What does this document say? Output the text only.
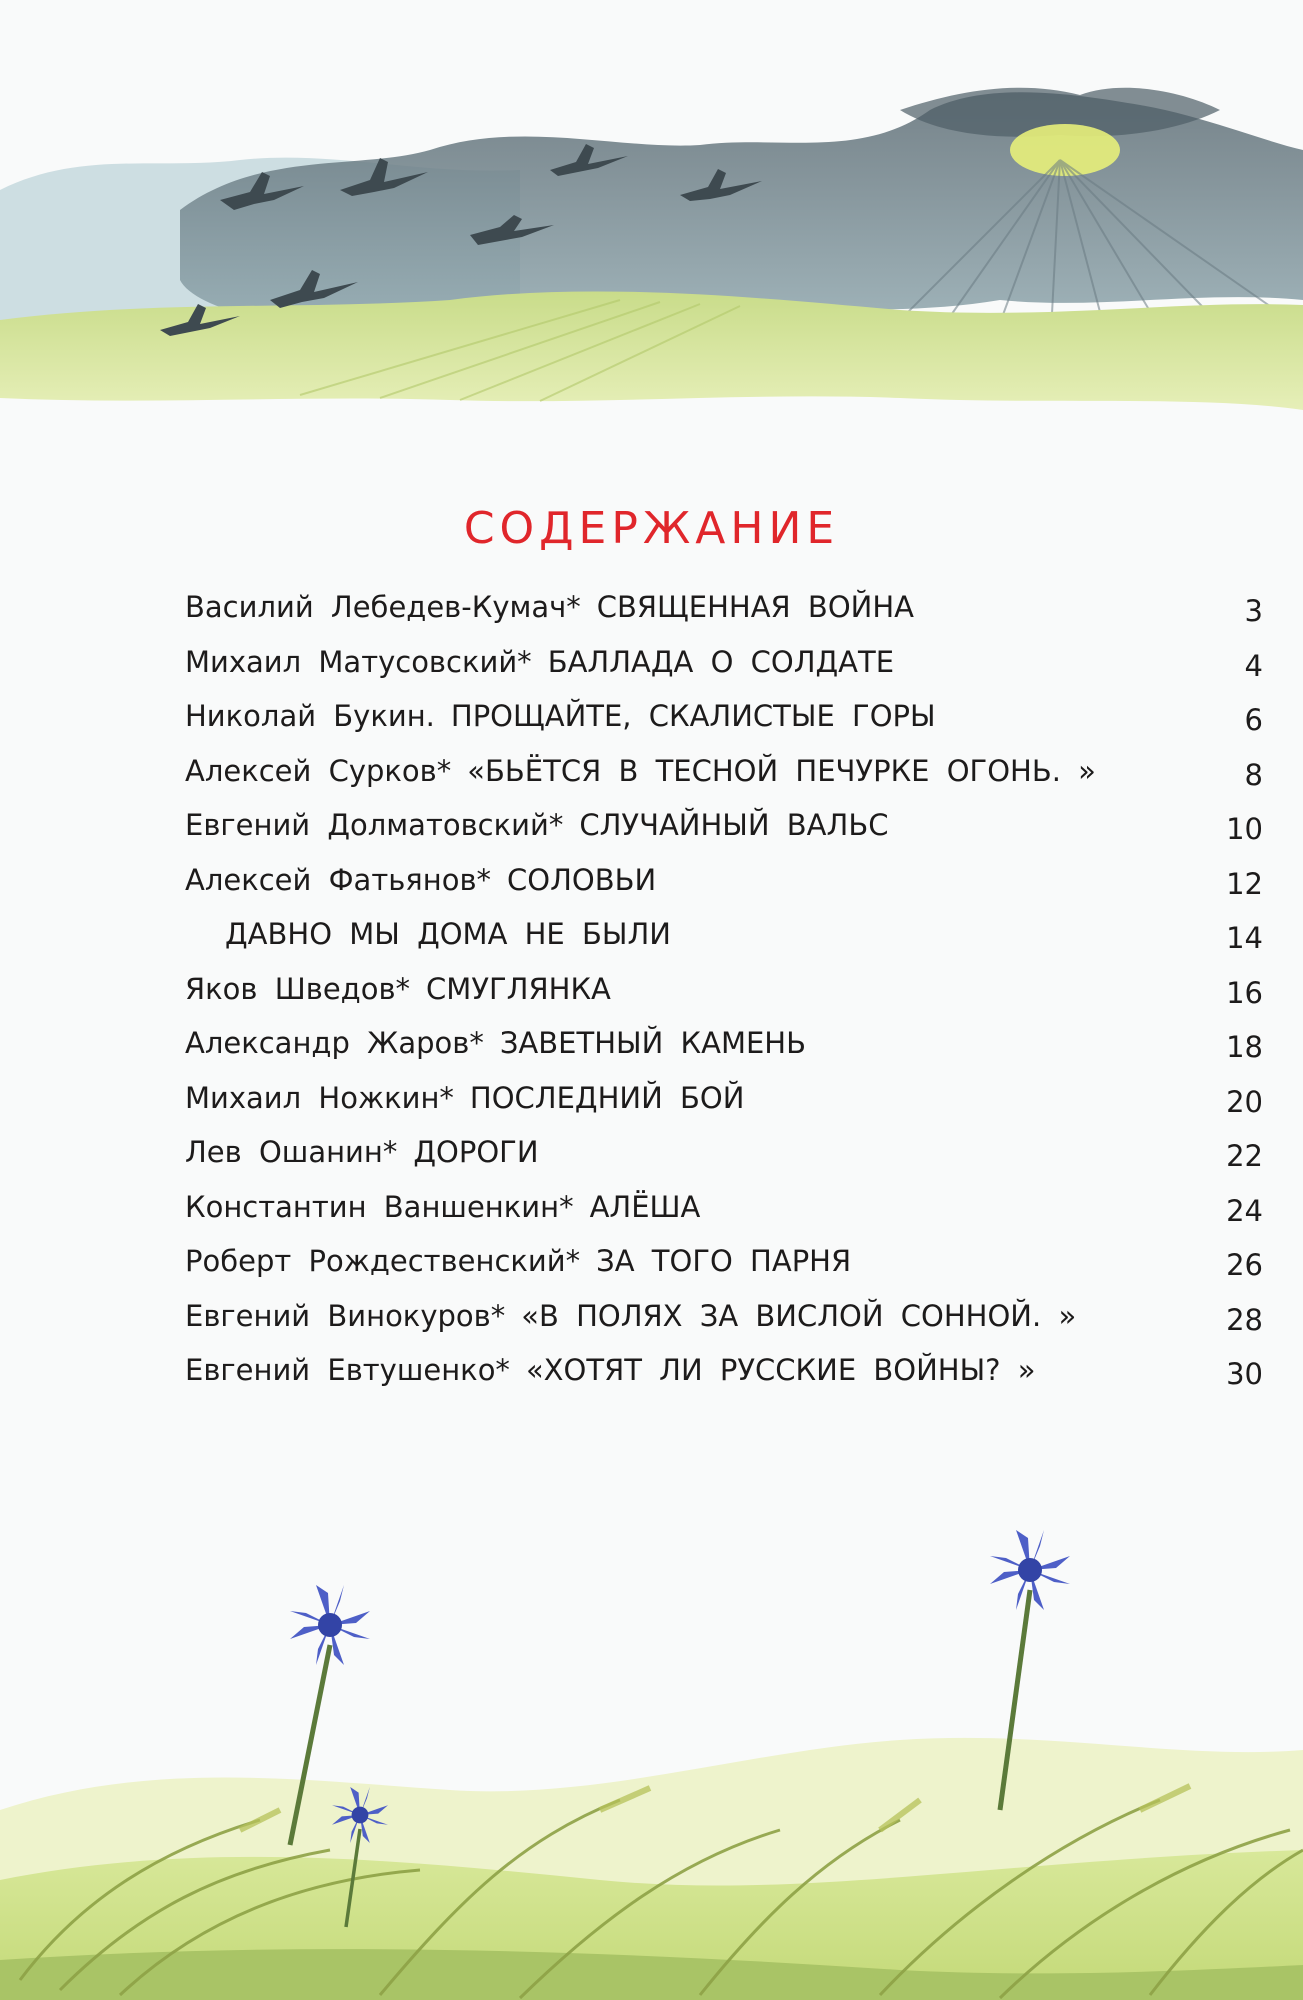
СОДЕРЖАНИЕ
Василий Лебедев-Кумач* СВЯЩЕННАЯ ВОЙНА	3
Михаил Матусовский* БАЛЛАДА О СОЛДАТЕ	4
Николай Букин. ПРОЩАЙТЕ, СКАЛИСТЫЕ ГОРЫ	6
Алексей Сурков* «БЬЁТСЯ В ТЕСНОЙ ПЕЧУРКЕ ОГОНЬ. »	8
Евгений Долматовский* СЛУЧАЙНЫЙ ВАЛЬС	10
Алексей Фатьянов* СОЛОВЬИ	12
ДАВНО МЫ ДОМА НЕ БЫЛИ	14
Яков Шведов* СМУГЛЯНКА	16
Александр Жаров* ЗАВЕТНЫЙ КАМЕНЬ	18
Михаил Ножкин* ПОСЛЕДНИЙ БОЙ	20
Лев Ошанин* ДОРОГИ	22
Константин Ваншенкин* АЛЁША	24
Роберт Рождественский* ЗА ТОГО ПАРНЯ	26
Евгений Винокуров* «В ПОЛЯХ ЗА ВИСЛОЙ СОННОЙ. »	28
Евгений Евтушенко* «ХОТЯТ ЛИ РУССКИЕ ВОЙНЫ? »	30
